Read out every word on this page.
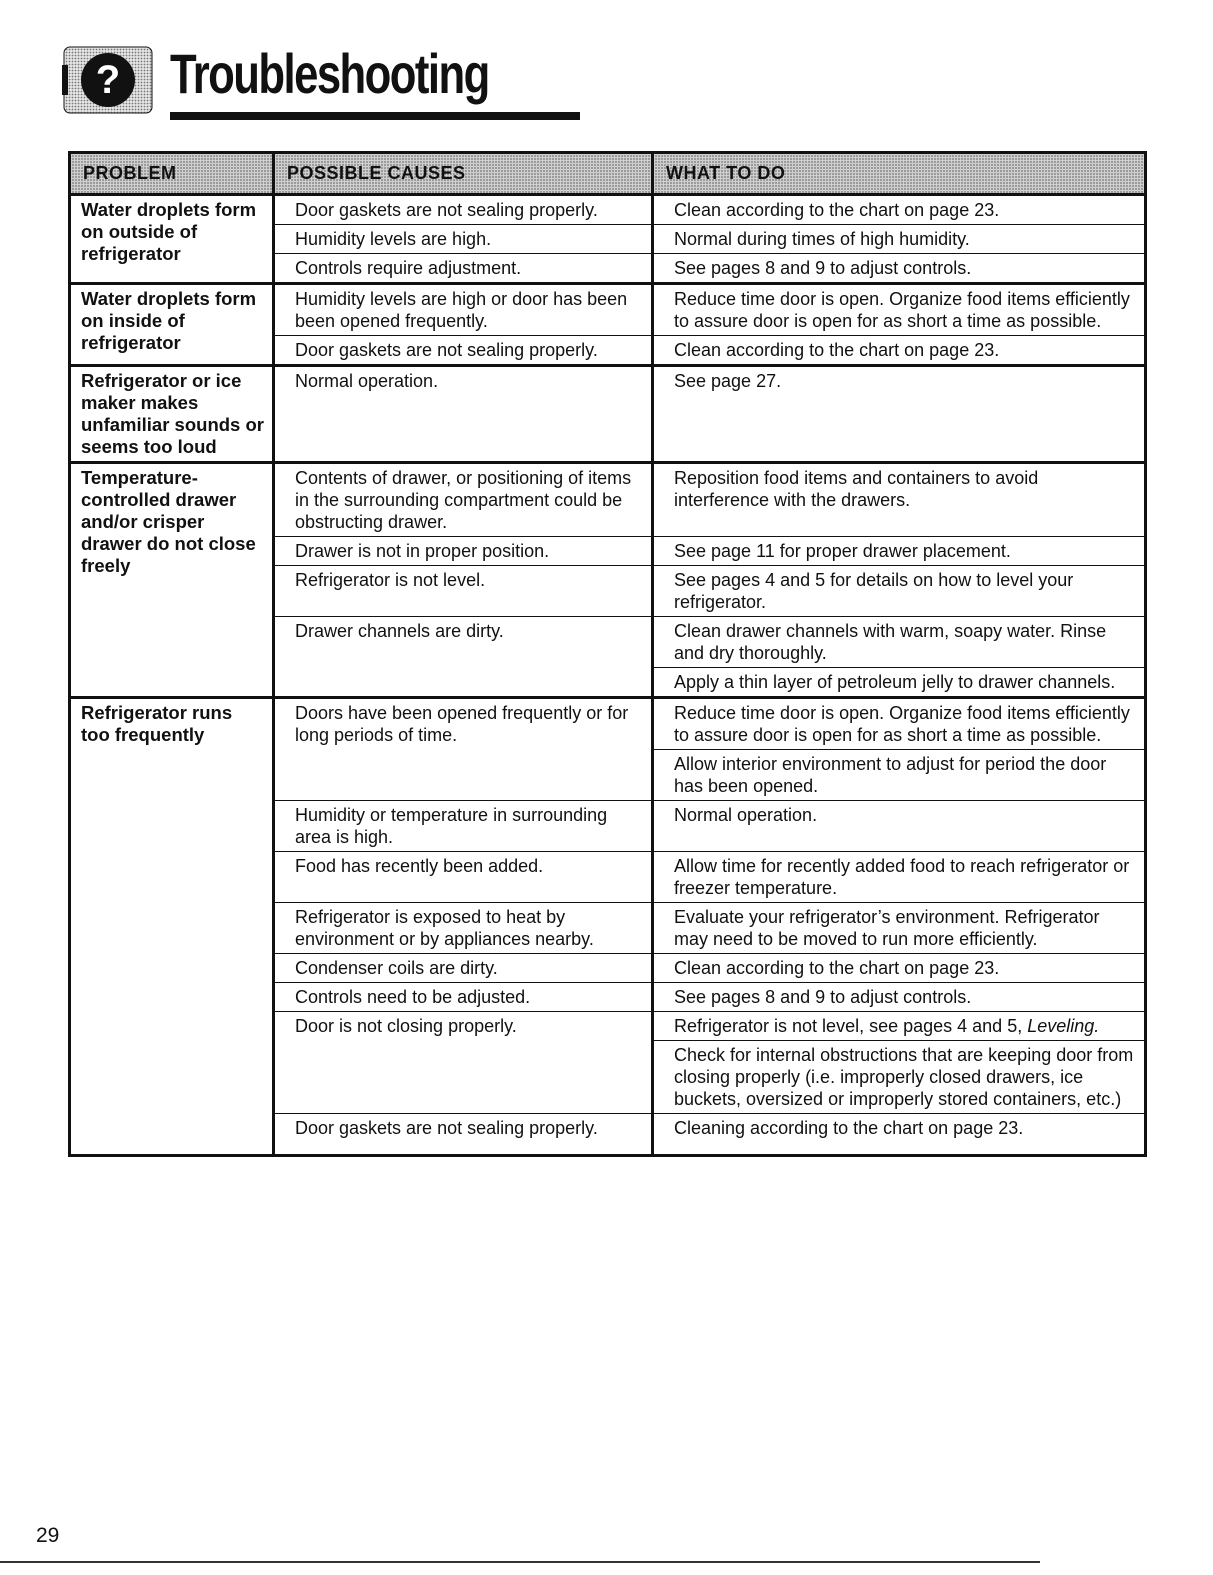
? Troubleshooting
PROBLEM	POSSIBLE CAUSES	WHAT TO DO
Water droplets form on outside of refrigerator	Door gaskets are not sealing properly.	Clean according to the chart on page 23.
	Humidity levels are high.	Normal during times of high humidity.
	Controls require adjustment.	See pages 8 and 9 to adjust controls.
Water droplets form on inside of refrigerator	Humidity levels are high or door has been been opened frequently.	Reduce time door is open. Organize food items efficiently to assure door is open for as short a time as possible.
	Door gaskets are not sealing properly.	Clean according to the chart on page 23.
Refrigerator or ice maker makes unfamiliar sounds or seems too loud	Normal operation.	See page 27.
Temperature-controlled drawer and/or crisper drawer do not close freely	Contents of drawer, or positioning of items in the surrounding compartment could be obstructing drawer.	Reposition food items and containers to avoid interference with the drawers.
	Drawer is not in proper position.	See page 11 for proper drawer placement.
	Refrigerator is not level.	See pages 4 and 5 for details on how to level your refrigerator.
	Drawer channels are dirty.	Clean drawer channels with warm, soapy water. Rinse and dry thoroughly.
		Apply a thin layer of petroleum jelly to drawer channels.
Refrigerator runs too frequently	Doors have been opened frequently or for long periods of time.	Reduce time door is open. Organize food items efficiently to assure door is open for as short a time as possible.
		Allow interior environment to adjust for period the door has been opened.
	Humidity or temperature in surrounding area is high.	Normal operation.
	Food has recently been added.	Allow time for recently added food to reach refrigerator or freezer temperature.
	Refrigerator is exposed to heat by environment or by appliances nearby.	Evaluate your refrigerator’s environment. Refrigerator may need to be moved to run more efficiently.
	Condenser coils are dirty.	Clean according to the chart on page 23.
	Controls need to be adjusted.	See pages 8 and 9 to adjust controls.
	Door is not closing properly.	Refrigerator is not level, see pages 4 and 5, Leveling.
		Check for internal obstructions that are keeping door from closing properly (i.e. improperly closed drawers, ice buckets, oversized or improperly stored containers, etc.)
	Door gaskets are not sealing properly.	Cleaning according to the chart on page 23.
29
